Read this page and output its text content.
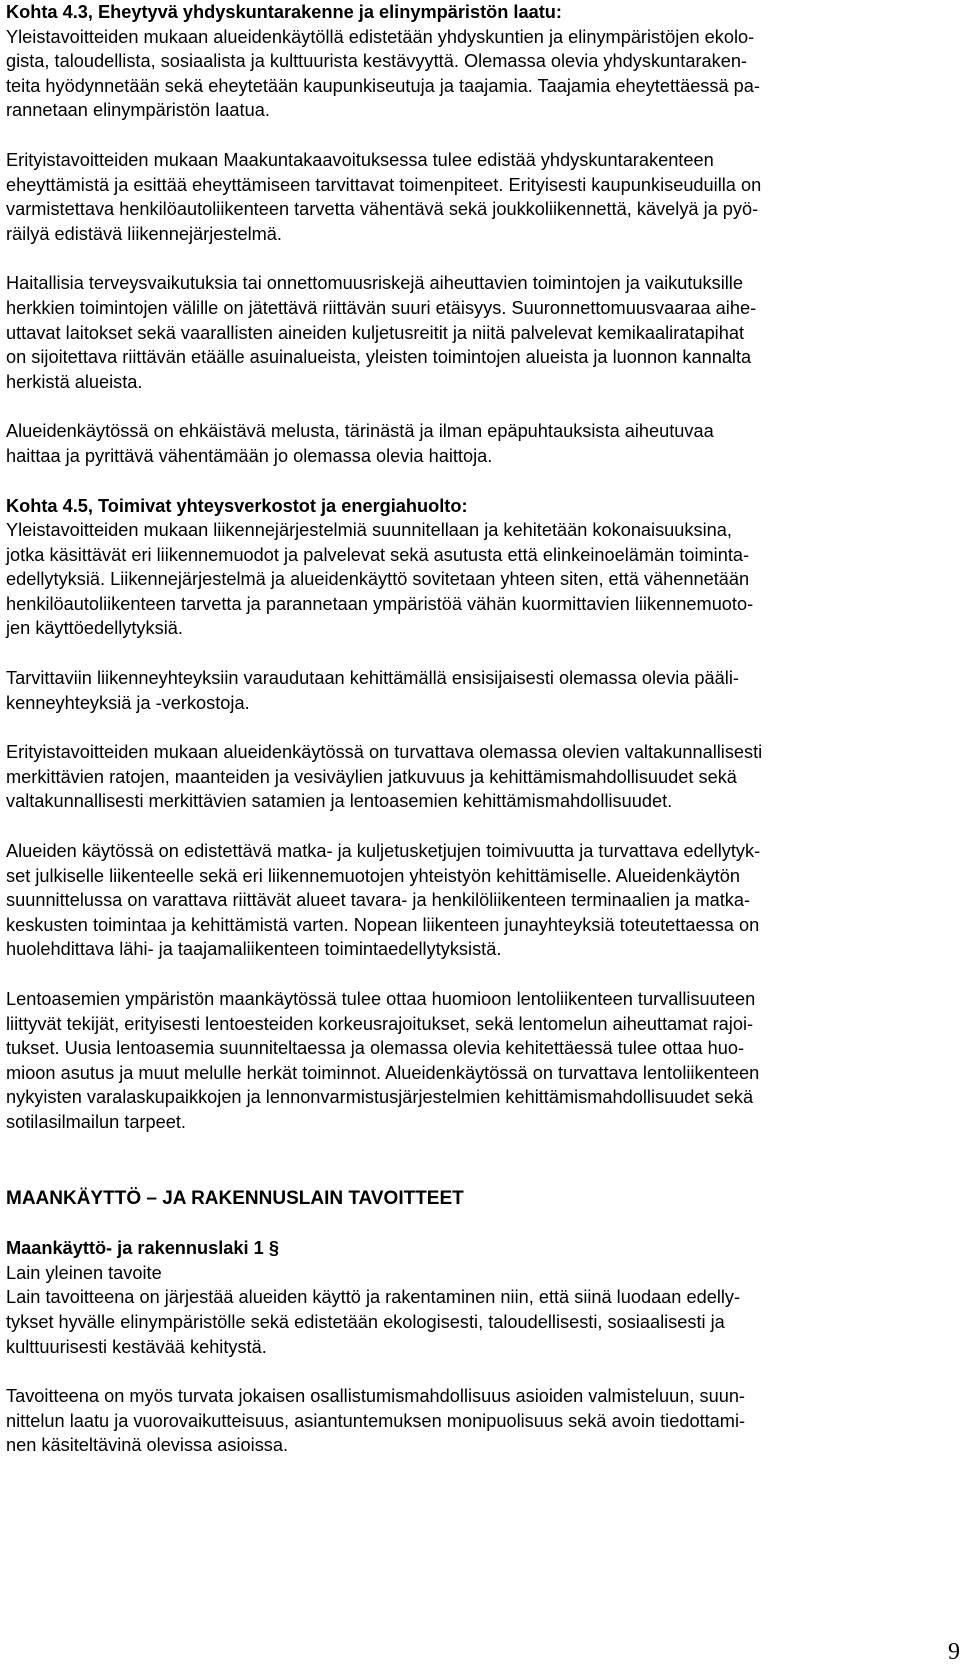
Kohta 4.3, Eheytyvä yhdyskuntarakenne ja elinympäristön laatu:

Yleistavoitteiden mukaan alueidenkäytöllä edistetään yhdyskuntien ja elinympäristöjen ekolo-
gista, taloudellista, sosiaalista ja kulttuurista kestävyyttä. Olemassa olevia yhdyskuntaraken-
teita hyödynnetään sekä eheytetään kaupunkiseutuja ja taajamia. Taajamia eheytettäessä pa-
rannetaan elinympäristön laatua.

Erityistavoitteiden mukaan Maakuntakaavoituksessa tulee edistää yhdyskuntarakenteen
eheyttämistä ja esittää eheyttämiseen tarvittavat toimenpiteet. Erityisesti kaupunkiseuduilla on
varmistettava henkilöautoliikenteen tarvetta vähentävä sekä joukkoliikennettä, kävelyä ja pyö-
räilyä edistävä liikennejärjestelmä.

Haitallisia terveysvaikutuksia tai onnettomuusriskejä aiheuttavien toimintojen ja vaikutuksille
herkkien toimintojen välille on jätettävä riittävän suuri etäisyys. Suuronnettomuusvaaraa aihe-
uttavat laitokset sekä vaarallisten aineiden kuljetusreitit ja niitä palvelevat kemikaaliratapihat
on sijoitettava riittävän etäälle asuinalueista, yleisten toimintojen alueista ja luonnon kannalta
herkistä alueista.

Alueidenkäytössä on ehkäistävä melusta, tärinästä ja ilman epäpuhtauksista aiheutuvaa
haittaa ja pyrittävä vähentämään jo olemassa olevia haittoja.

Kohta 4.5, Toimivat yhteysverkostot ja energiahuolto:

Yleistavoitteiden mukaan liikennejärjestelmiä suunnitellaan ja kehitetään kokonaisuuksina,
jotka käsittävät eri liikennemuodot ja palvelevat sekä asutusta että elinkeinoelämän toiminta-
edellytyksiä. Liikennejärjestelmä ja alueidenkäyttö sovitetaan yhteen siten, että vähennetään
henkilöautoliikenteen tarvetta ja parannetaan ympäristöä vähän kuormittavien liikennemuoto-
jen käyttöedellytyksiä.

Tarvittaviin liikenneyhteyksiin varaudutaan kehittämällä ensisijaisesti olemassa olevia pääli-
kenneyhteyksiä ja -verkostoja.

Erityistavoitteiden mukaan alueidenkäytössä on turvattava olemassa olevien valtakunnallisesti
merkittävien ratojen, maanteiden ja vesiväylien jatkuvuus ja kehittämismahdollisuudet sekä
valtakunnallisesti merkittävien satamien ja lentoasemien kehittämismahdollisuudet.

Alueiden käytössä on edistettävä matka- ja kuljetusketjujen toimivuutta ja turvattava edellytyk-
set julkiselle liikenteelle sekä eri liikennemuotojen yhteistyön kehittämiselle. Alueidenkäytön
suunnittelussa on varattava riittävät alueet tavara- ja henkilöliikenteen terminaalien ja matka-
keskusten toimintaa ja kehittämistä varten. Nopean liikenteen junayhteyksiä toteutettaessa on
huolehdittava lähi- ja taajamaliikenteen toimintaedellytyksistä.

Lentoasemien ympäristön maankäytössä tulee ottaa huomioon lentoliikenteen turvallisuuteen
liittyvät tekijät, erityisesti lentoesteiden korkeusrajoitukset, sekä lentomelun aiheuttamat rajoi-
tukset. Uusia lentoasemia suunniteltaessa ja olemassa olevia kehitettäessä tulee ottaa huo-
mioon asutus ja muut melulle herkät toiminnot. Alueidenkäytössä on turvattava lentoliikenteen
nykyisten varalaskupaikkojen ja lennonvarmistusjärjestelmien kehittämismahdollisuudet sekä
sotilasilmailun tarpeet.

MAANKÄYTTÖ – JA RAKENNUSLAIN TAVOITTEET

Maankäyttö- ja rakennuslaki 1 §

Lain yleinen tavoite

Lain tavoitteena on järjestää alueiden käyttö ja rakentaminen niin, että siinä luodaan edelly-
tykset hyvälle elinympäristölle sekä edistetään ekologisesti, taloudellisesti, sosiaalisesti ja
kulttuurisesti kestävää kehitystä.

Tavoitteena on myös turvata jokaisen osallistumismahdollisuus asioiden valmisteluun, suun-
nittelun laatu ja vuorovaikutteisuus, asiantuntemuksen monipuolisuus sekä avoin tiedottami-
nen käsiteltävinä olevissa asioissa.

9
